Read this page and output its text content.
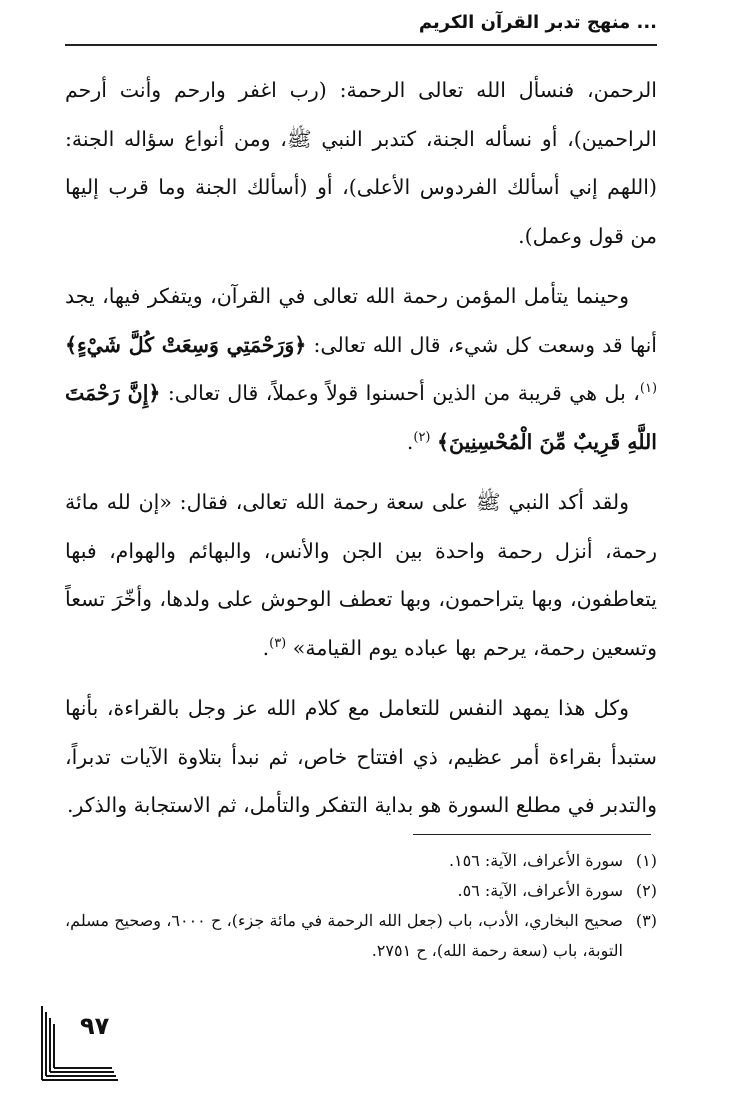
... منهج تدبر القرآن الكريم

الرحمن، فنسأل الله تعالى الرحمة: (رب اغفر وارحم وأنت أرحم الراحمين)، أو نسأله الجنة، كتدبر النبي ﷺ، ومن أنواع سؤاله الجنة: (اللهم إني أسألك الفردوس الأعلى)، أو (أسألك الجنة وما قرب إليها من قول وعمل).

وحينما يتأمل المؤمن رحمة الله تعالى في القرآن، ويتفكر فيها، يجد أنها قد وسعت كل شيء، قال الله تعالى: ﴿وَرَحْمَتِي وَسِعَتْ كُلَّ شَيْءٍ﴾ $^{(١)}$، بل هي قريبة من الذين أحسنوا قولاً وعملاً، قال تعالى: ﴿إِنَّ رَحْمَتَ اللَّهِ قَرِيبٌ مِّنَ الْمُحْسِنِينَ﴾ $^{(٢)}$.

ولقد أكد النبي ﷺ على سعة رحمة الله تعالى، فقال: «إن لله مائة رحمة، أنزل رحمة واحدة بين الجن والأنس، والبهائم والهوام، فبها يتعاطفون، وبها يتراحمون، وبها تعطف الوحوش على ولدها، وأخّرَ تسعاً وتسعين رحمة، يرحم بها عباده يوم القيامة» $^{(٣)}$.

وكل هذا يمهد النفس للتعامل مع كلام الله عز وجل بالقراءة، بأنها ستبدأ بقراءة أمر عظيم، ذي افتتاح خاص، ثم نبدأ بتلاوة الآيات تدبراً، والتدبر في مطلع السورة هو بداية التفكر والتأمل، ثم الاستجابة والذكر.

(١)
سورة الأعراف، الآية: ١٥٦.
(٢)
سورة الأعراف، الآية: ٥٦.
(٣)
صحيح البخاري، الأدب، باب (جعل الله الرحمة في مائة جزء)، ح ٦٠٠٠، وصحيح مسلم، التوبة، باب (سعة رحمة الله)، ح ٢٧٥١.
٩٧
